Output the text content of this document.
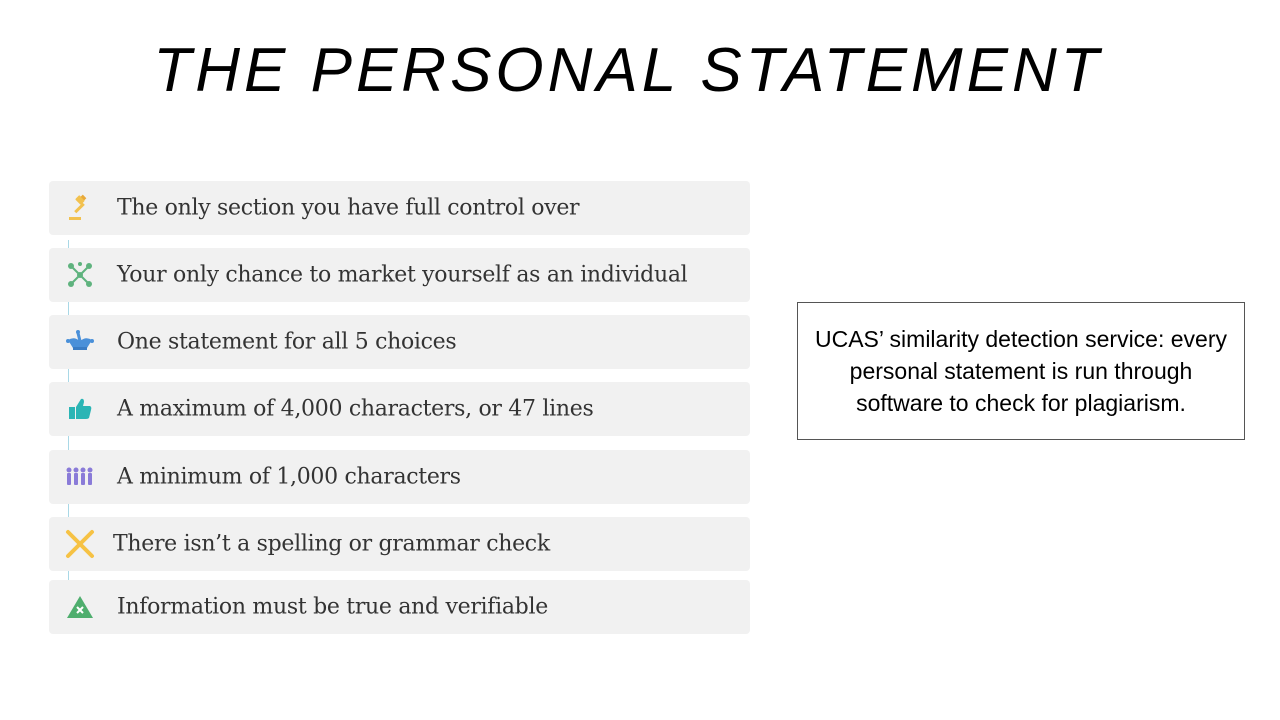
THE PERSONAL STATEMENT
The only section you have full control over
Your only chance to market yourself as an individual
One statement for all 5 choices
A maximum of 4,000 characters, or 47 lines
A minimum of 1,000 characters
There isn’t a spelling or grammar check
Information must be true and verifiable
UCAS’ similarity detection service: every personal statement is run through software to check for plagiarism.
